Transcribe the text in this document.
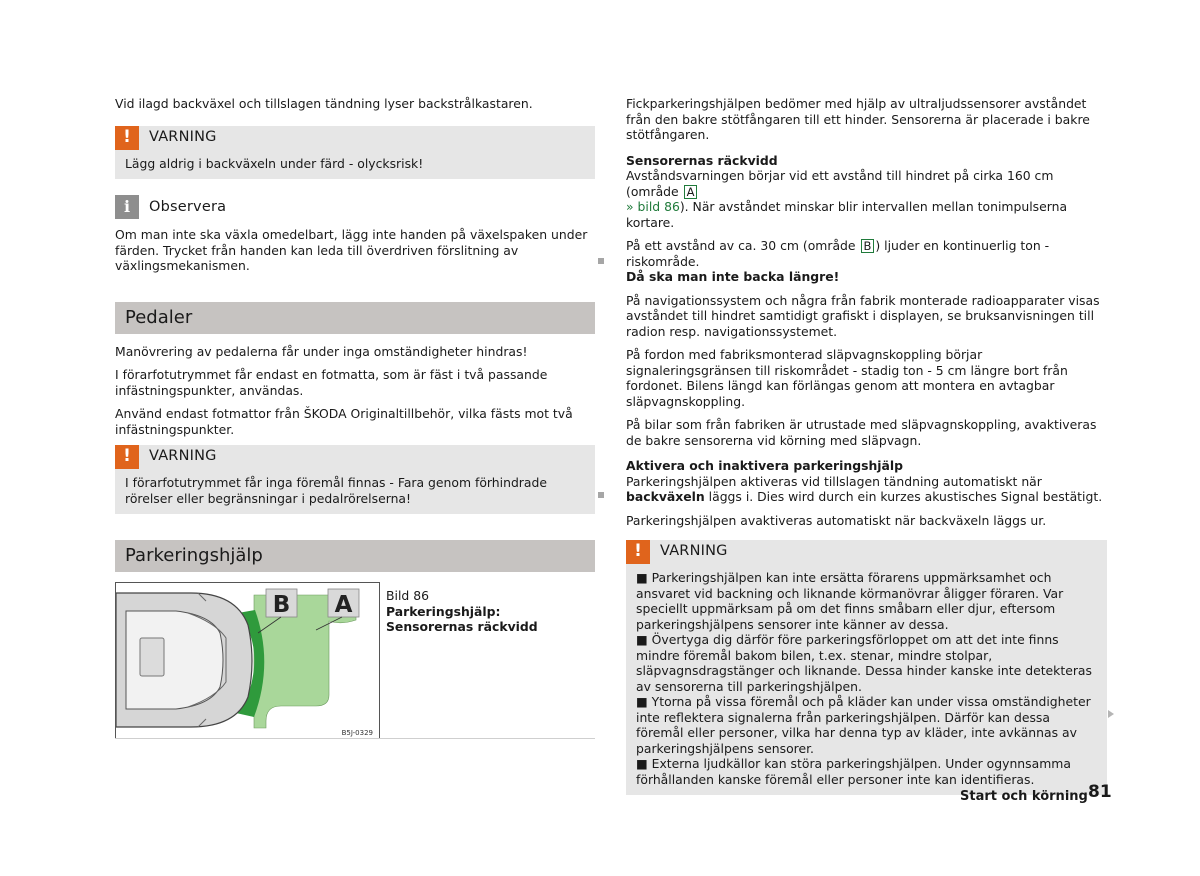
Vid ilagd backväxel och tillslagen tändning lyser backstrålkastaren.

!	VARNING
Lägg aldrig i backväxeln under färd - olycksrisk!
i	Observera
Om man inte ska växla omedelbart, lägg inte handen på växelspaken under färden. Trycket från handen kan leda till överdriven förslitning av växlingsmekanismen.
Pedaler

Manövrering av pedalerna får under inga omständigheter hindras!

I förarfotutrymmet får endast en fotmatta, som är fäst i två passande infästningspunkter, användas.

Använd endast fotmattor från ŠKODA Originaltillbehör, vilka fästs mot två infästningspunkter.

!	VARNING
I förarfotutrymmet får inga föremål finnas - Fara genom förhindrade rörelser eller begränsningar i pedalrörelserna!
Parkeringshjälp
B A
B5J-0329
Bild 86
Parkeringshjälp: Sensorernas räckvidd

Fickparkeringshjälpen bedömer med hjälp av ultraljudssensorer avståndet från den bakre stötfångaren till ett hinder. Sensorerna är placerade i bakre stötfångaren.

Sensorernas räckvidd

Avståndsvarningen börjar vid ett avstånd till hindret på cirka 160 cm (område A
» bild 86). När avståndet minskar blir intervallen mellan tonimpulserna kortare.

På ett avstånd av ca. 30 cm (område B ) ljuder en kontinuerlig ton - riskområde.
Då ska man inte backa längre!

På navigationssystem och några från fabrik monterade radioapparater visas avståndet till hindret samtidigt grafiskt i displayen, se bruksanvisningen till radion resp. navigationssystemet.

På fordon med fabriksmonterad släpvagnskoppling börjar signaleringsgränsen till riskområdet - stadig ton - 5 cm längre bort från fordonet. Bilens längd kan förlängas genom att montera en avtagbar släpvagnskoppling.

På bilar som från fabriken är utrustade med släpvagnskoppling, avaktiveras de bakre sensorerna vid körning med släpvagn.

Aktivera och inaktivera parkeringshjälp

Parkeringshjälpen aktiveras vid tillslagen tändning automatiskt när backväxeln läggs i. Dies wird durch ein kurzes akustisches Signal bestätigt.

Parkeringshjälpen avaktiveras automatiskt när backväxeln läggs ur.

!	VARNING

■ Parkeringshjälpen kan inte ersätta förarens uppmärksamhet och ansvaret vid backning och liknande körmanövrar åligger föraren. Var speciellt uppmärksam på om det finns småbarn eller djur, eftersom parkeringshjälpens sensorer inte känner av dessa.

■ Övertyga dig därför före parkeringsförloppet om att det inte finns mindre föremål bakom bilen, t.ex. stenar, mindre stolpar, släpvagnsdragstänger och liknande. Dessa hinder kanske inte detekteras av sensorerna till parkeringshjälpen.

■ Ytorna på vissa föremål och på kläder kan under vissa omständigheter inte reflektera signalerna från parkeringshjälpen. Därför kan dessa föremål eller personer, vilka har denna typ av kläder, inte avkännas av parkeringshjälpens sensorer.

■ Externa ljudkällor kan störa parkeringshjälpen. Under ogynnsamma förhållanden kanske föremål eller personer inte kan identifieras.

Start och körning 81
